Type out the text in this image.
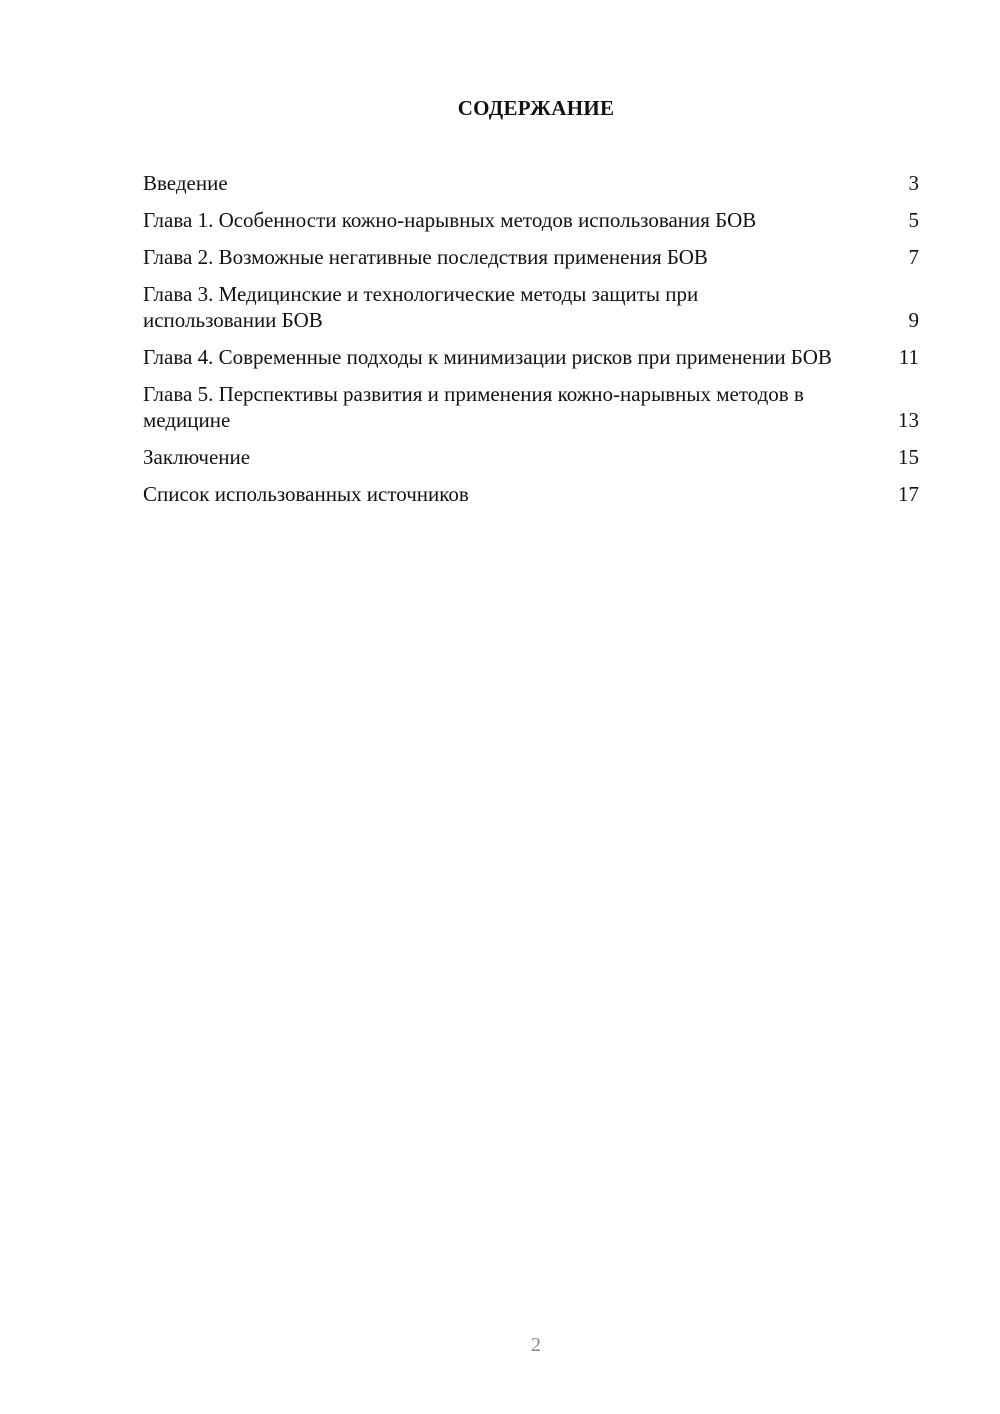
СОДЕРЖАНИЕ
Введение	3
Глава 1. Особенности кожно-нарывных методов использования БОВ	5
Глава 2. Возможные негативные последствия применения БОВ	7
Глава 3. Медицинские и технологические методы защиты при использовании БОВ	9
Глава 4. Современные подходы к минимизации рисков при применении БОВ	11
Глава 5. Перспективы развития и применения кожно-нарывных методов в медицине	13
Заключение	15
Список использованных источников	17
2
